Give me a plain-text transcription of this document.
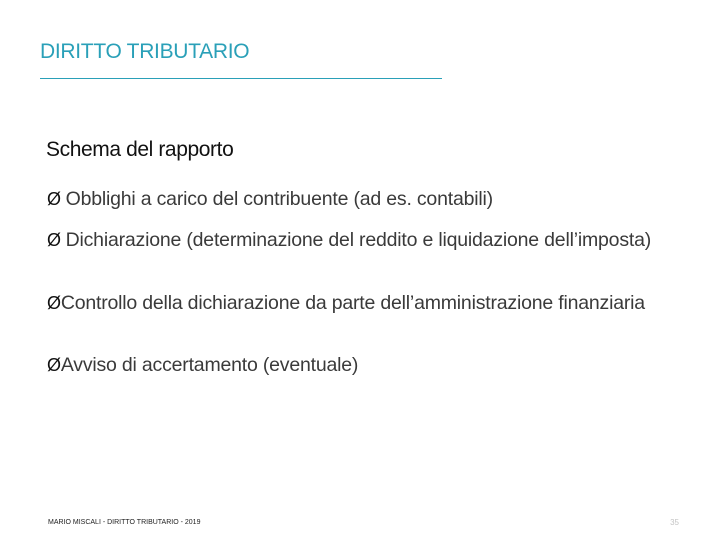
DIRITTO TRIBUTARIO
Schema del rapporto
Ø Obblighi a carico del contribuente (ad es. contabili)
Ø Dichiarazione (determinazione del reddito e liquidazione dell’imposta)
ØControllo della dichiarazione da parte dell’amministrazione finanziaria
ØAvviso di accertamento (eventuale)
MARIO MISCALI - DIRITTO TRIBUTARIO - 2019	35
